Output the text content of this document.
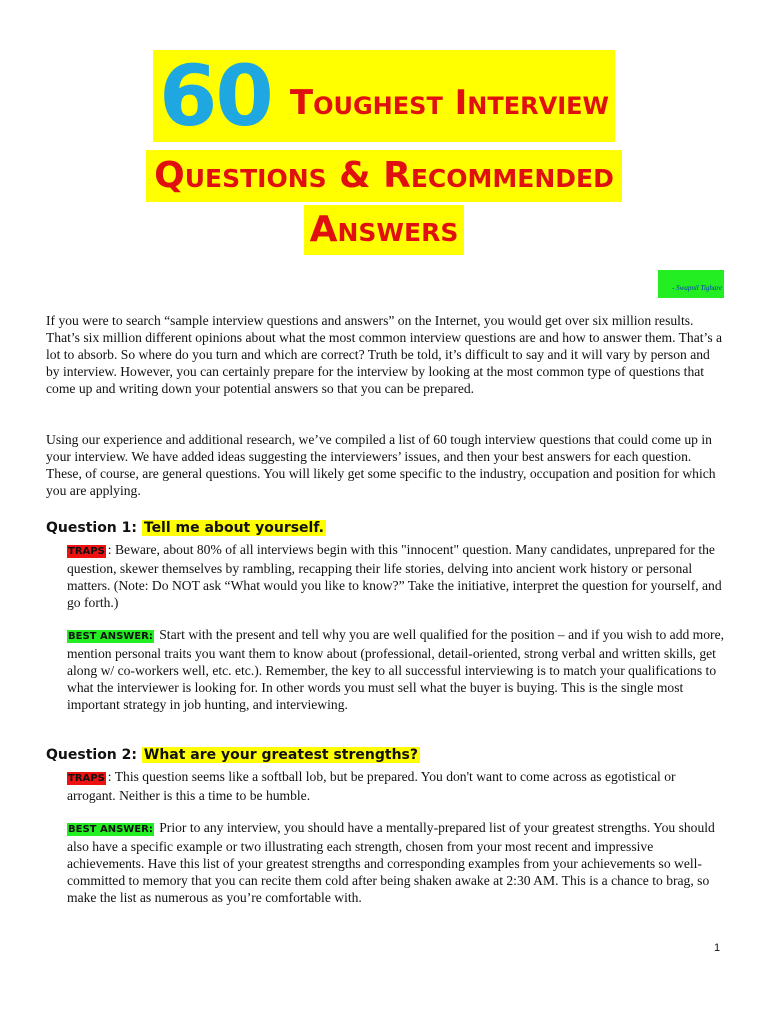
60 Toughest Interview
Questions & Recommended
Answers
- Swapnil Tighare

If you were to search “sample interview questions and answers” on the Internet, you would get over six million results. That’s six million different opinions about what the most common interview questions are and how to answer them. That’s a lot to absorb. So where do you turn and which are correct? Truth be told, it’s difficult to say and it will vary by person and by interview. However, you can certainly prepare for the interview by looking at the most common type of questions that come up and writing down your potential answers so that you can be prepared.

Using our experience and additional research, we’ve compiled a list of 60 tough interview questions that could come up in your interview. We have added ideas suggesting the interviewers’ issues, and then your best answers for each question. These, of course, are general questions. You will likely get some specific to the industry, occupation and position for which you are applying.

Question 1: Tell me about yourself.

TRAPS : Beware, about 80% of all interviews begin with this "innocent" question. Many candidates, unprepared for the question, skewer themselves by rambling, recapping their life stories, delving into ancient work history or personal matters. (Note: Do NOT ask “What would you like to know?” Take the initiative, interpret the question for yourself, and go forth.)

BEST ANSWER: Start with the present and tell why you are well qualified for the position – and if you wish to add more, mention personal traits you want them to know about (professional, detail-oriented, strong verbal and written skills, get along w/ co-workers well, etc. etc.). Remember, the key to all successful interviewing is to match your qualifications to what the interviewer is looking for. In other words you must sell what the buyer is buying. This is the single most important strategy in job hunting, and interviewing.

Question 2: What are your greatest strengths?

TRAPS : This question seems like a softball lob, but be prepared. You don't want to come across as egotistical or arrogant. Neither is this a time to be humble.

BEST ANSWER: Prior to any interview, you should have a mentally-prepared list of your greatest strengths. You should also have a specific example or two illustrating each strength, chosen from your most recent and impressive achievements. Have this list of your greatest strengths and corresponding examples from your achievements so well-committed to memory that you can recite them cold after being shaken awake at 2:30 AM. This is a chance to brag, so make the list as numerous as you’re comfortable with.

1
